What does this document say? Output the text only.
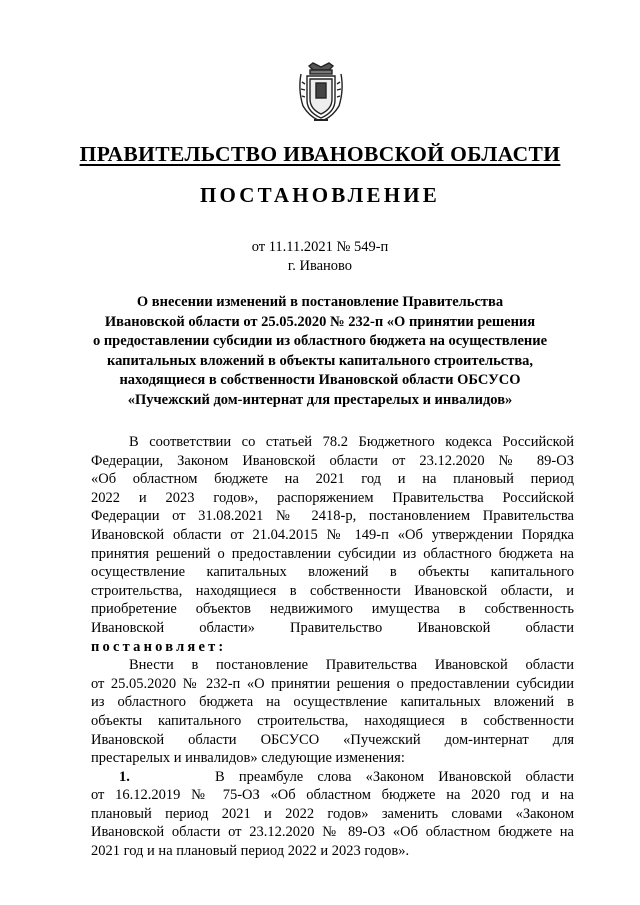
ПРАВИТЕЛЬСТВО ИВАНОВСКОЙ ОБЛАСТИ
ПОСТАНОВЛЕНИЕ
от 11.11.2021 № 549-п
г. Иваново
О внесении изменений в постановление Правительства
Ивановской области от 25.05.2020 № 232-п «О принятии решения
о предоставлении субсидии из областного бюджета на осуществление
капитальных вложений в объекты капитального строительства,
находящиеся в собственности Ивановской области ОБСУСО
«Пучежский дом-интернат для престарелых и инвалидов»

В соответствии со статьей 78.2 Бюджетного кодекса Российской
Федерации, Законом Ивановской области от 23.12.2020 № 89-ОЗ
«Об областном бюджете на 2021 год и на плановый период
2022 и 2023 годов», распоряжением Правительства Российской
Федерации от 31.08.2021 № 2418-р, постановлением Правительства
Ивановской области от 21.04.2015 № 149-п «Об утверждении Порядка
принятия решений о предоставлении субсидии из областного бюджета на
осуществление капитальных вложений в объекты капитального
строительства, находящиеся в собственности Ивановской области, и
приобретение объектов недвижимого имущества в собственность
Ивановской области» Правительство Ивановской области
постановляет:

Внести в постановление Правительства Ивановской области
от 25.05.2020 № 232-п «О принятии решения о предоставлении субсидии
из областного бюджета на осуществление капитальных вложений в
объекты капитального строительства, находящиеся в собственности
Ивановской области ОБСУСО «Пучежский дом-интернат для
престарелых и инвалидов» следующие изменения:

1.	В преамбуле слова «Законом Ивановской области
от 16.12.2019 № 75-ОЗ «Об областном бюджете на 2020 год и на
плановый период 2021 и 2022 годов» заменить словами «Законом
Ивановской области от 23.12.2020 № 89-ОЗ «Об областном бюджете на
2021 год и на плановый период 2022 и 2023 годов».
